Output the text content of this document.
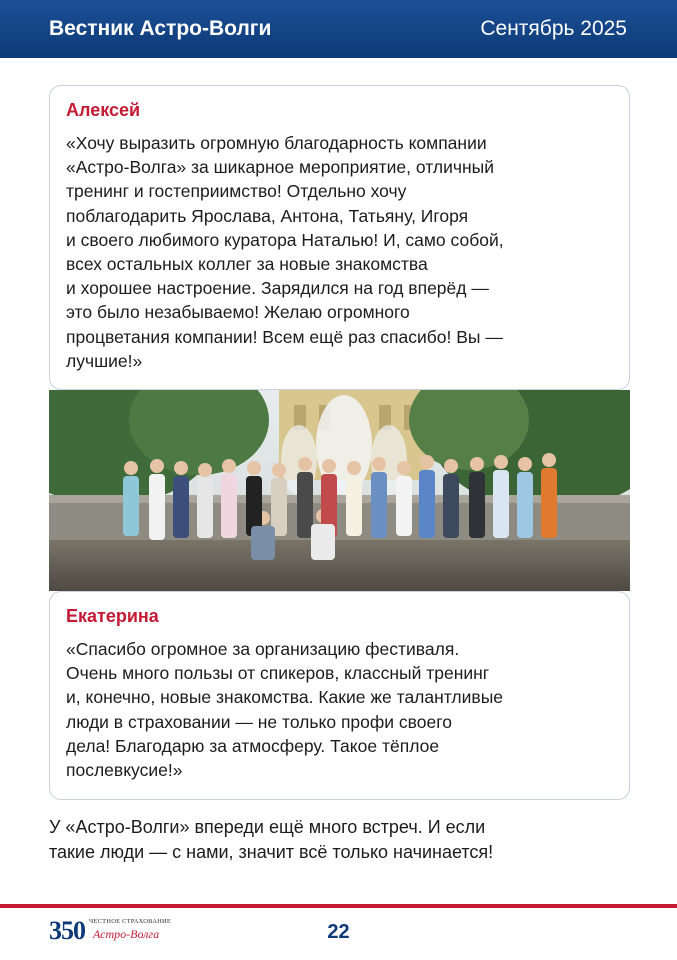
Вестник Астро-Волги	Сентябрь 2025
Алексей

«Хочу выразить огромную благодарность компании
«Астро-Волга» за шикарное мероприятие, отличный
тренинг и гостеприимство! Отдельно хочу
поблагодарить Ярослава, Антона, Татьяну, Игоря
и своего любимого куратора Наталью! И, само собой,
всех остальных коллег за новые знакомства
и хорошее настроение. Зарядился на год вперёд —
это было незабываемо! Желаю огромного
процветания компании! Всем ещё раз спасибо! Вы —
лучшие!»

Екатерина

«Спасибо огромное за организацию фестиваля.
Очень много пользы от спикеров, классный тренинг
и, конечно, новые знакомства. Какие же талантливые
люди в страховании — не только профи своего
дела! Благодарю за атмосферу. Такое тёплое
послевкусие!»

У «Астро-Волги» впереди ещё много встреч. И если
такие люди — с нами, значит всё только начинается!

350 ЧЕСТНОЕ СТРАХОВАНИЕ
Астро-Волга	22
